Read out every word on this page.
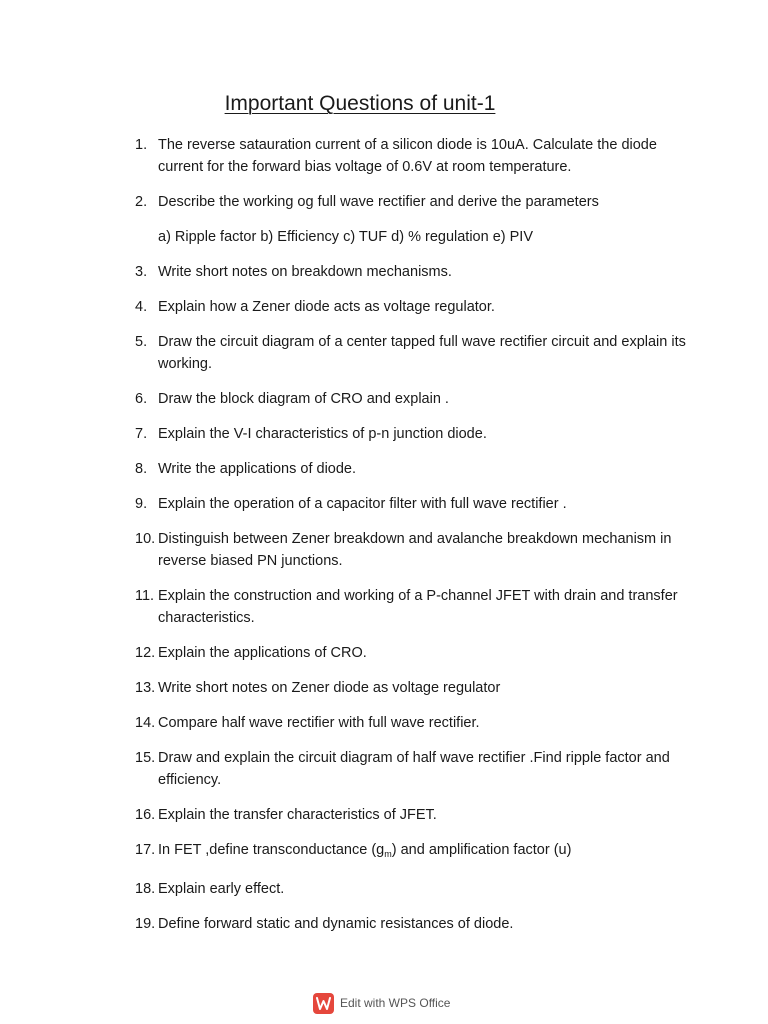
Important Questions of unit-1
1. The reverse satauration current of a silicon diode is 10uA. Calculate the diode current for the forward bias voltage of 0.6V at room temperature.
2. Describe the working og full wave rectifier and derive the parameters
a) Ripple factor b) Efficiency c) TUF d) % regulation e) PIV
3. Write short notes on breakdown mechanisms.
4. Explain how a Zener diode acts as voltage regulator.
5. Draw the circuit diagram of a center tapped full wave rectifier circuit and explain its working.
6. Draw the block diagram of CRO and explain .
7. Explain the V-I characteristics of p-n junction diode.
8. Write the applications of diode.
9. Explain the operation of a capacitor filter with full wave rectifier .
10. Distinguish between Zener breakdown and avalanche breakdown mechanism in reverse biased PN junctions.
11. Explain the construction and working of a P-channel JFET with drain and transfer characteristics.
12. Explain the applications of CRO.
13. Write short notes on Zener diode as voltage regulator
14. Compare half wave rectifier with full wave rectifier.
15. Draw and explain the circuit diagram of half wave rectifier .Find ripple factor and efficiency.
16. Explain the transfer characteristics of JFET.
17. In FET ,define transconductance $(g_m)$ and amplification factor (u)
18. Explain early effect.
19. Define forward static and dynamic resistances of diode.
Edit with WPS Office
